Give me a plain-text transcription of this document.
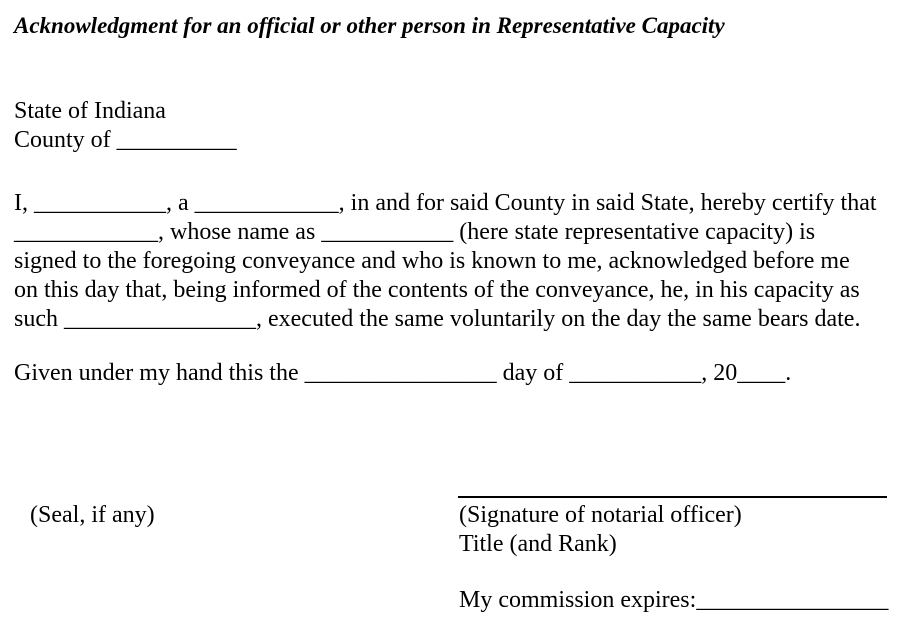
Acknowledgment for an official or other person in Representative Capacity
State of Indiana
County of __________
I, ___________, a ____________, in and for said County in said State, hereby certify that
____________, whose name as ___________ (here state representative capacity) is
signed to the foregoing conveyance and who is known to me, acknowledged before me
on this day that, being informed of the contents of the conveyance, he, in his capacity as
such ________________, executed the same voluntarily on the day the same bears date.
Given under my hand this the ________________ day of ___________, 20____.
(Seal, if any)	(Signature of notarial officer)
Title (and Rank)
My commission expires:________________
